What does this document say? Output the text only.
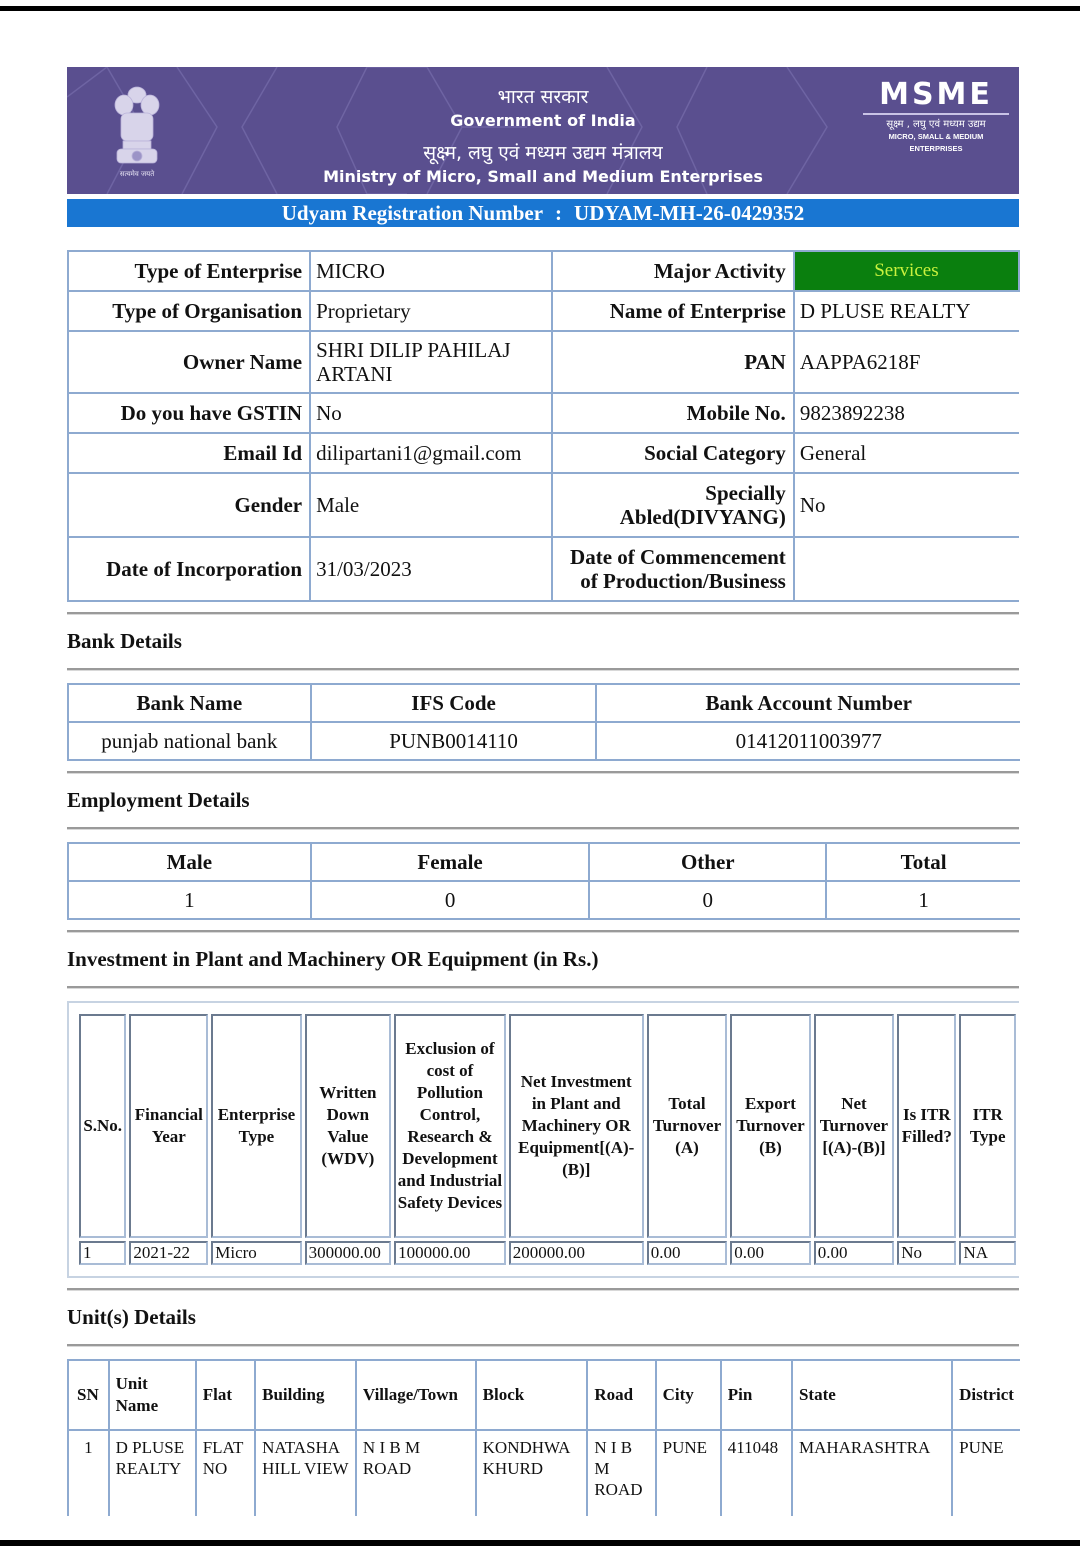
सत्यमेव जयते
भारत सरकार
Government of India
सूक्ष्म, लघु एवं मध्यम उद्यम मंत्रालय
Ministry of Micro, Small and Medium Enterprises
MSME
सूक्ष्म , लघु एवं मध्यम उद्यम
MICRO, SMALL & MEDIUM ENTERPRISES
Udyam Registration Number : UDYAM-MH-26-0429352
Type of Enterprise	MICRO	Major Activity	Services
Type of Organisation	Proprietary	Name of Enterprise	D PLUSE REALTY
Owner Name	SHRI DILIP PAHILAJ ARTANI	PAN	AAPPA6218F
Do you have GSTIN	No	Mobile No.	9823892238
Email Id	dilipartani1@gmail.com	Social Category	General
Gender	Male	Specially Abled(DIVYANG)	No
Date of Incorporation	31/03/2023	Date of Commencement of Production/Business	
Bank Details
Bank Name	IFS Code	Bank Account Number
punjab national bank	PUNB0014110	01412011003977
Employment Details
Male	Female	Other	Total
1	0	0	1
Investment in Plant and Machinery OR Equipment (in Rs.)
S.No.	Financial Year	Enterprise Type	Written Down Value (WDV)	Exclusion of cost of Pollution Control, Research & Development and Industrial Safety Devices	Net Investment in Plant and Machinery OR Equipment[(A)-(B)]	Total Turnover (A)	Export Turnover (B)	Net Turnover [(A)-(B)]	Is ITR Filled?	ITR Type
1	2021-22	Micro	300000.00	100000.00	200000.00	0.00	0.00	0.00	No	NA
Unit(s) Details
SN	Unit Name	Flat	Building	Village/Town	Block	Road	City	Pin	State	District
1	D PLUSE REALTY	FLAT NO	NATASHA HILL VIEW	N I B M ROAD	KONDHWA KHURD	N I B M ROAD	PUNE	411048	MAHARASHTRA	PUNE
